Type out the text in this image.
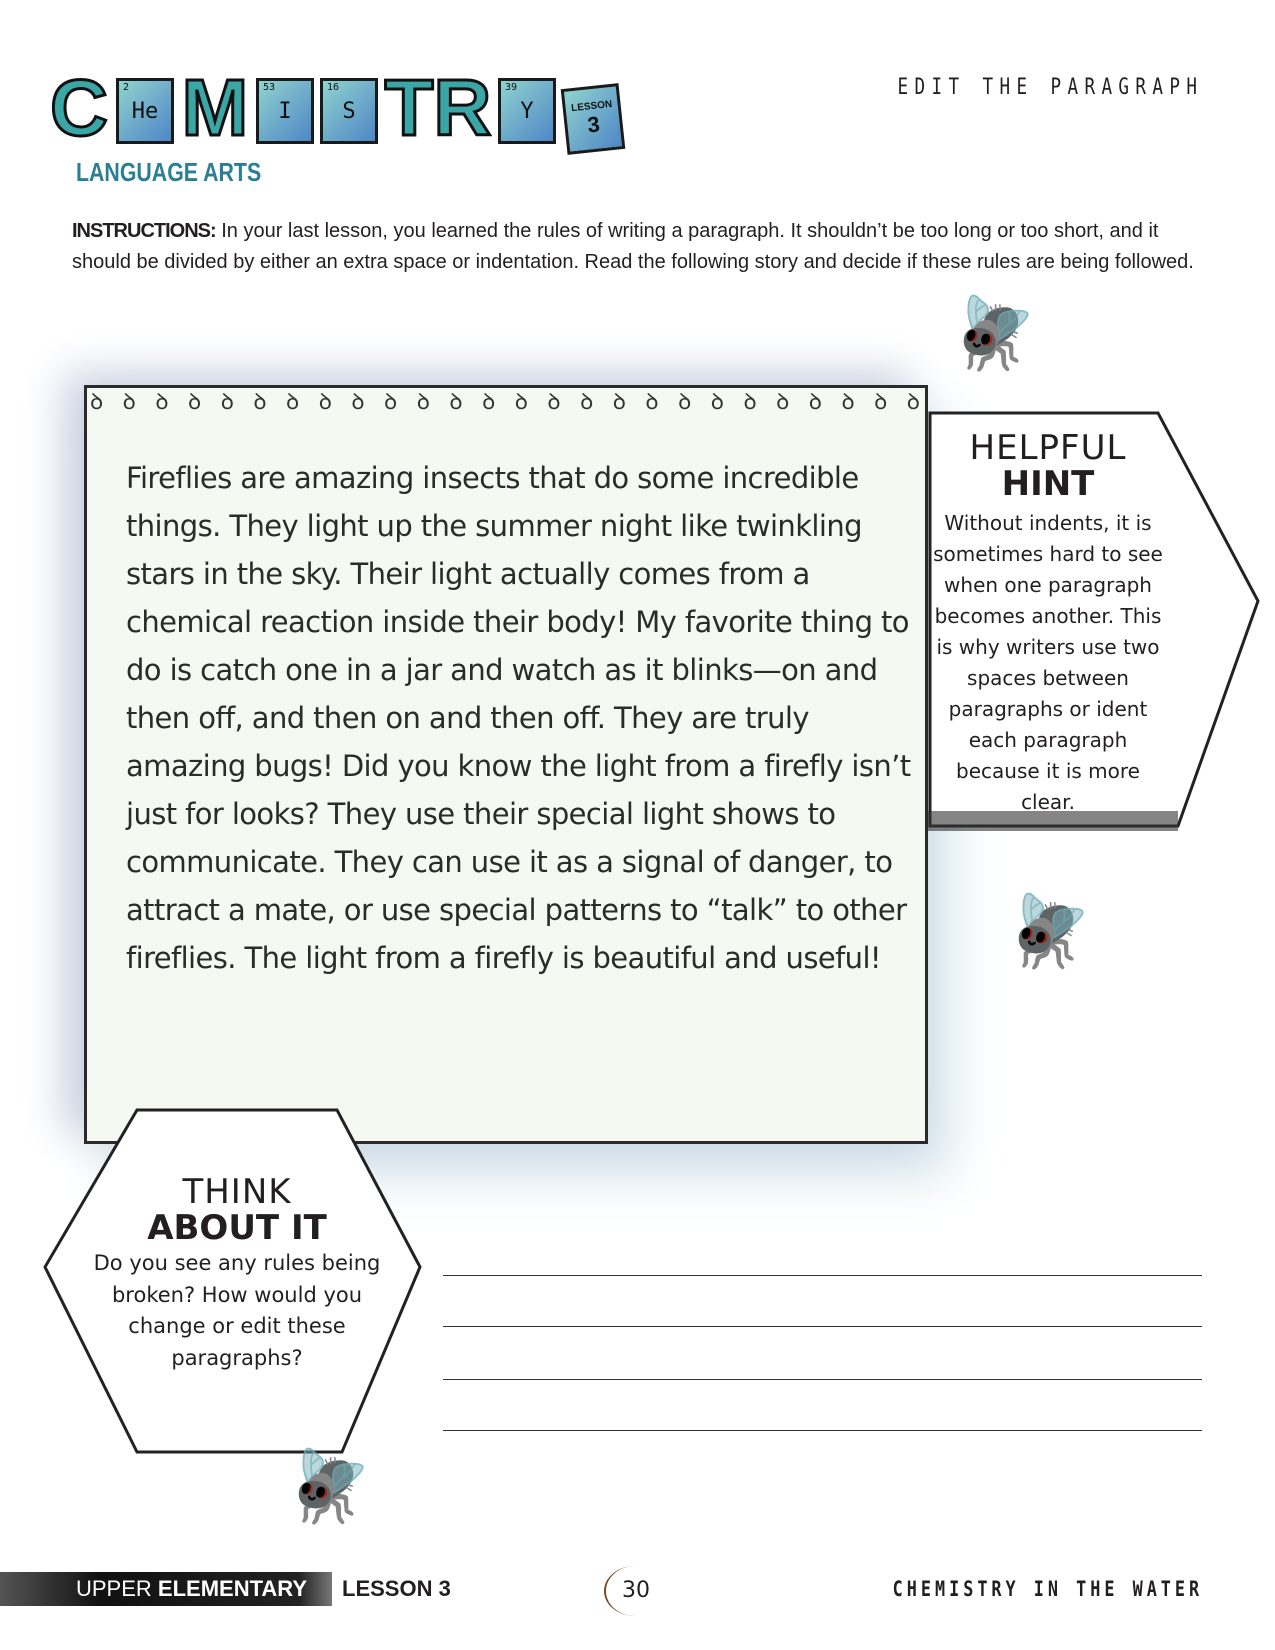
C	2
He M	53
I
16
S TR 39
Y	LESSON
3
LANGUAGE ARTS
EDIT THE PARAGRAPH
INSTRUCTIONS: In your last lesson, you learned the rules of writing a paragraph. It shouldn’t be too long or too short, and it should be divided by either an extra space or indentation. Read the following story and decide if these rules are being followed.
🪰
ꝺ ꝺ ꝺ ꝺ ꝺ ꝺ ꝺ ꝺ ꝺ ꝺ ꝺ ꝺ ꝺ ꝺ ꝺ ꝺ ꝺ ꝺ ꝺ ꝺ ꝺ ꝺ ꝺ ꝺ ꝺ ꝺ
Fireflies are amazing insects that do some incredible things. They light up the summer night like twinkling stars in the sky. Their light actually comes from a chemical reaction inside their body! My favorite thing to do is catch one in a jar and watch as it blinks—on and then off, and then on and then off. They are truly amazing bugs! Did you know the light from a firefly isn’t just for looks? They use their special light shows to communicate. They can use it as a signal of danger, to attract a mate, or use special patterns to “talk” to other fireflies. The light from a firefly is beautiful and useful!
HELPFUL
HINT
Without indents, it is sometimes hard to see when one paragraph becomes another. This is why writers use two spaces between paragraphs or ident each paragraph because it is more clear.
🪰
THINK
ABOUT IT
Do you see any rules being broken? How would you change or edit these paragraphs?
🪰
UPPER ELEMENTARY LESSON 3	30	CHEMISTRY IN THE WATER
